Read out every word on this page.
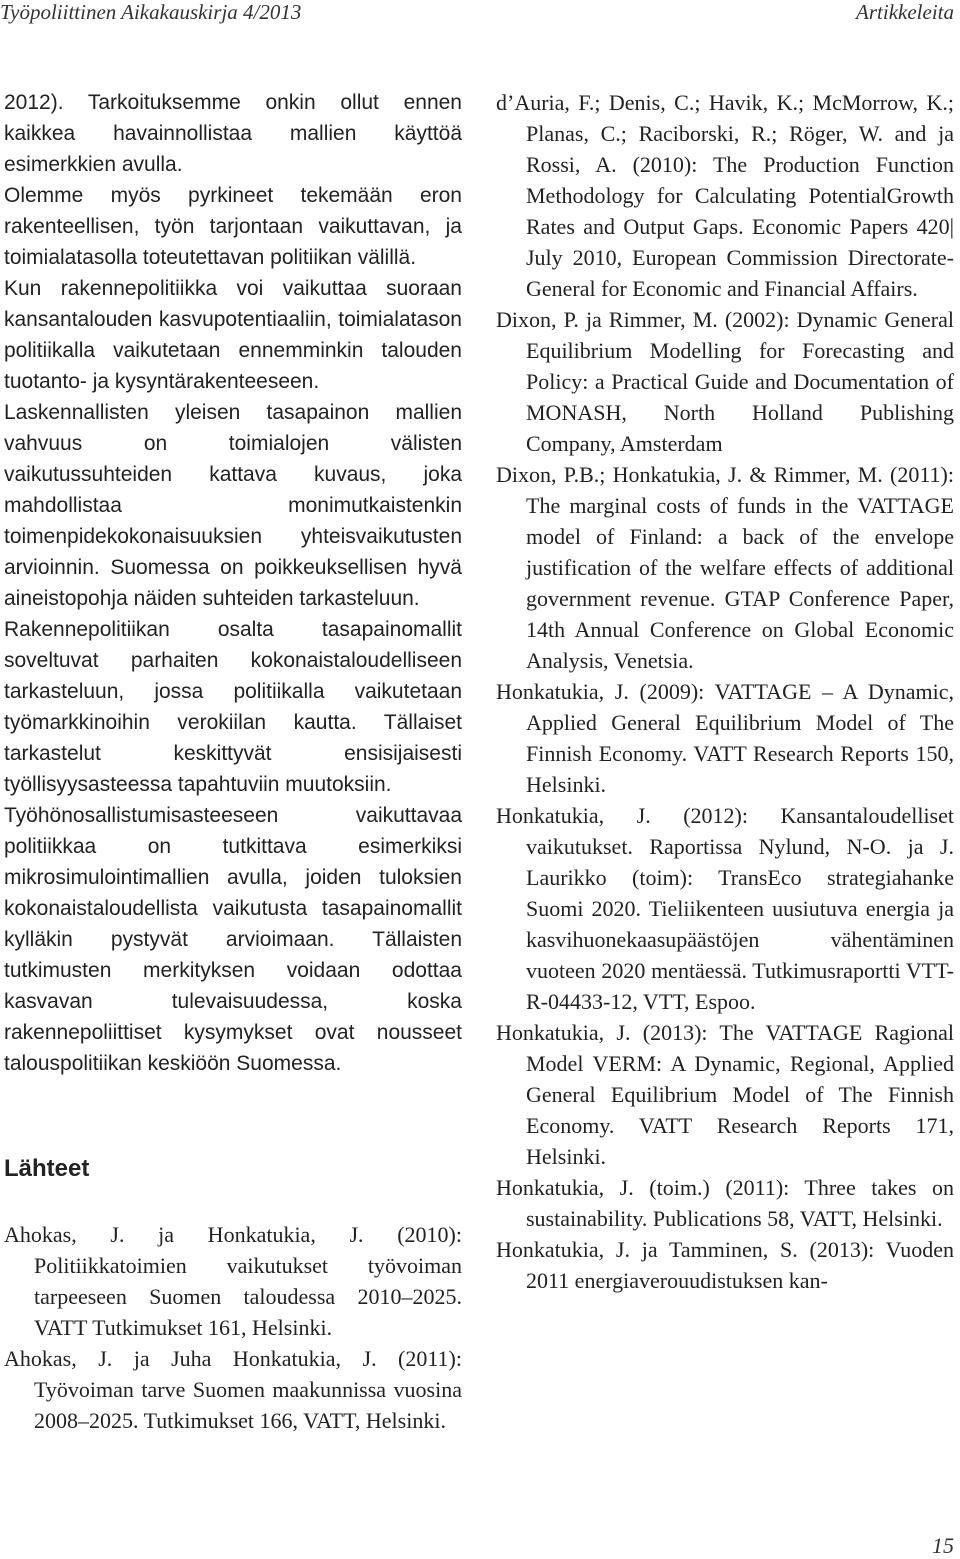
Työpoliittinen Aikakauskirja 4/2013	Artikkeleita

2012). Tarkoituksemme onkin ollut ennen kaikkea havainnollistaa mallien käyttöä esimerkkien avulla.

Olemme myös pyrkineet tekemään eron rakenteellisen, työn tarjontaan vaikuttavan, ja toimialatasolla toteutettavan politiikan välillä.

Kun rakennepolitiikka voi vaikuttaa suoraan kansantalouden kasvupotentiaaliin, toimialatason politiikalla vaikutetaan ennemminkin talouden tuotanto- ja kysyntärakenteeseen.

Laskennallisten yleisen tasapainon mallien vahvuus on toimialojen välisten vaikutussuhteiden kattava kuvaus, joka mahdollistaa monimutkaistenkin toimenpidekokonaisuuksien yhteisvaikutusten arvioinnin. Suomessa on poikkeuksellisen hyvä aineistopohja näiden suhteiden tarkasteluun.

Rakennepolitiikan osalta tasapainomallit soveltuvat parhaiten kokonaistaloudelliseen tarkasteluun, jossa politiikalla vaikutetaan työmarkkinoihin verokiilan kautta. Tällaiset tarkastelut keskittyvät ensisijaisesti työllisyysasteessa tapahtuviin muutoksiin.

Työhönosallistumisasteeseen vaikuttavaa politiikkaa on tutkittava esimerkiksi mikrosimulointimallien avulla, joiden tuloksien kokonaistaloudellista vaikutusta tasapainomallit kylläkin pystyvät arvioimaan. Tällaisten tutkimusten merkityksen voidaan odottaa kasvavan tulevaisuudessa, koska rakennepoliittiset kysymykset ovat nousseet talouspolitiikan keskiöön Suomessa.

Lähteet

Ahokas, J. ja Honkatukia, J. (2010): Politiikkatoimien vaikutukset työvoiman tarpeeseen Suomen taloudessa 2010–2025. VATT Tutkimukset 161, Helsinki.

Ahokas, J. ja Juha Honkatukia, J. (2011): Työvoiman tarve Suomen maakunnissa vuosina 2008–2025. Tutkimukset 166, VATT, Helsinki.

d’Auria, F.; Denis, C.; Havik, K.; McMorrow, K.; Planas, C.; Raciborski, R.; Röger, W. and ja Rossi, A. (2010): The Production Function Methodology for Calculating PotentialGrowth Rates and Output Gaps. Economic Papers 420| July 2010, European Commission Directorate-General for Economic and Financial Affairs.

Dixon, P. ja Rimmer, M. (2002): Dynamic General Equilibrium Modelling for Forecasting and Policy: a Practical Guide and Documentation of MONASH, North Holland Publishing Company, Amsterdam

Dixon, P.B.; Honkatukia, J. & Rimmer, M. (2011): The marginal costs of funds in the VATTAGE model of Finland: a back of the envelope justification of the welfare effects of additional government revenue. GTAP Conference Paper, 14th Annual Conference on Global Economic Analysis, Venetsia.

Honkatukia, J. (2009): VATTAGE – A Dynamic, Applied General Equilibrium Model of The Finnish Economy. VATT Research Reports 150, Helsinki.

Honkatukia, J. (2012): Kansantaloudelliset vaikutukset. Raportissa Nylund, N-O. ja J. Laurikko (toim): TransEco strategiahanke Suomi 2020. Tieliikenteen uusiutuva energia ja kasvihuonekaasupäästöjen vähentäminen vuoteen 2020 mentäessä. Tutkimusraportti VTT-R-04433-12, VTT, Espoo.

Honkatukia, J. (2013): The VATTAGE Ragional Model VERM: A Dynamic, Regional, Applied General Equilibrium Model of The Finnish Economy. VATT Research Reports 171, Helsinki.

Honkatukia, J. (toim.) (2011): Three takes on sustainability. Publications 58, VATT, Helsinki.

Honkatukia, J. ja Tamminen, S. (2013): Vuoden 2011 energiaverouudistuksen kan-

15
